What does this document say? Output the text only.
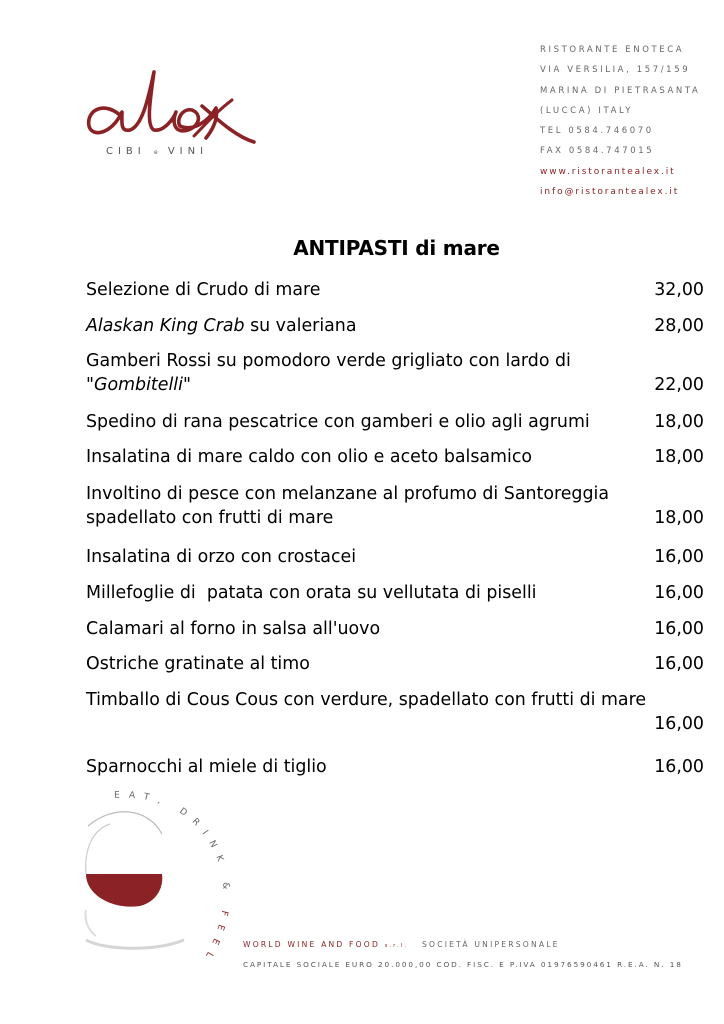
CIBI e VINI
RISTORANTE ENOTECA
VIA VERSILIA, 157/159
MARINA DI PIETRASANTA
(LUCCA) ITALY
TEL 0584.746070
FAX 0584.747015
www.ristorantealex.it
info@ristorantealex.it
ANTIPASTI di mare
Selezione di Crudo di mare	32,00
Alaskan King Crab su valeriana	28,00
Gamberi Rossi su pomodoro verde grigliato con lardo di
"Gombitelli"	22,00
Spedino di rana pescatrice con gamberi e olio agli agrumi	18,00
Insalatina di mare caldo con olio e aceto balsamico	18,00
Involtino di pesce con melanzane al profumo di Santoreggia
spadellato con frutti di mare	18,00
Insalatina di orzo con crostacei	16,00
Millefoglie di  patata con orata su vellutata di piselli	16,00
Calamari al forno in salsa all'uovo	16,00
Ostriche gratinate al timo	16,00
Timballo di Cous Cous con verdure, spadellato con frutti di mare
16,00
Sparnocchi al miele di tiglio	16,00
EAT, DRINK & FEEL
WORLD WINE AND FOOD s.r.l. SOCIETÀ UNIPERSONALE
CAPITALE SOCIALE EURO 20.000,00 COD. FISC. E P.IVA 01976590461 R.E.A. N. 18
